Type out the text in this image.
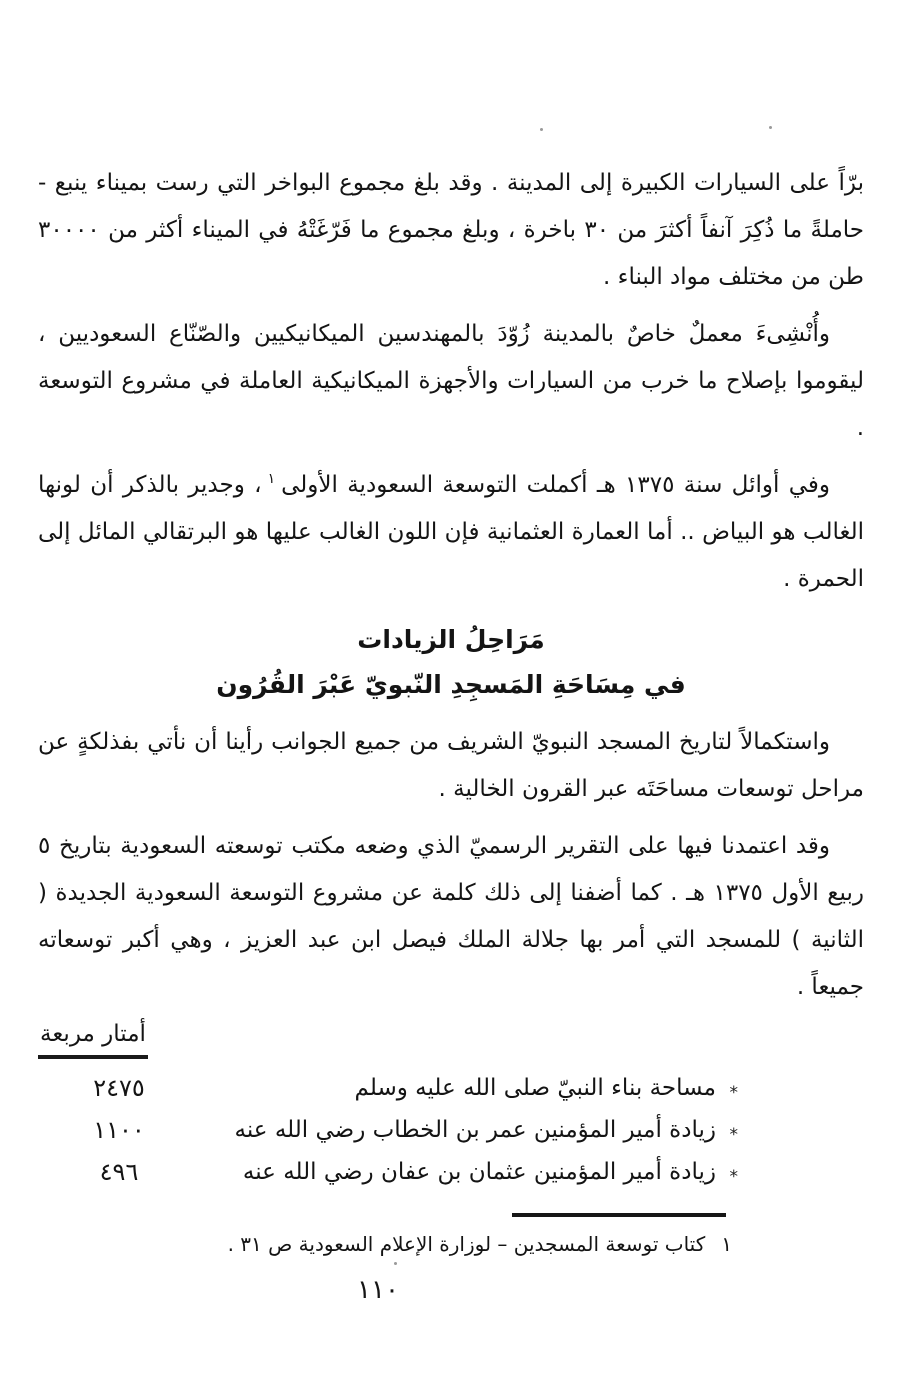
برّاً على السيارات الكبيرة إلى المدينة . وقد بلغ مجموع البواخر التي رست بميناء ينبع - حاملةً ما ذُكِرَ آنفاً أكثرَ من ٣٠ باخرة ، وبلغ مجموع ما فَرّغَتْهُ في الميناء أكثر من ٣٠٠٠٠ طن من مختلف مواد البناء .

وأُنْشِىءَ معملٌ خاصٌ بالمدينة زُوّدَ بالمهندسين الميكانيكيين والصّنّاع السعوديين ، ليقوموا بإصلاح ما خرب من السيارات والأجهزة الميكانيكية العاملة في مشروع التوسعة .

وفي أوائل سنة ١٣٧٥ هـ أكملت التوسعة السعودية الأولى$^١$، وجدير بالذكر أن لونها الغالب هو البياض .. أما العمارة العثمانية فإن اللون الغالب عليها هو البرتقالي المائل إلى الحمرة .

مَرَاحِلُ الزيادات
في مِسَاحَةِ المَسجِدِ النّبويّ عَبْرَ القُرُون

واستكمالاً لتاريخ المسجد النبويّ الشريف من جميع الجوانب رأينا أن نأتي بفذلكةٍ عن مراحل توسعات مساحَتَه عبر القرون الخالية .

وقد اعتمدنا فيها على التقرير الرسميّ الذي وضعه مكتب توسعته السعودية بتاريخ ٥ ربيع الأول ١٣٧٥ هـ . كما أضفنا إلى ذلك كلمة عن مشروع التوسعة السعودية الجديدة ( الثانية ) للمسجد التي أمر بها جلالة الملك فيصل ابن عبد العزيز ، وهي أكبر توسعاته جميعاً .

أمتار مربعة
*
مساحة بناء النبيّ صلى الله عليه وسلم
٢٤٧٥
*
زيادة أمير المؤمنين عمر بن الخطاب رضي الله عنه
١١٠٠
*
زيادة أمير المؤمنين عثمان بن عفان رضي الله عنه
٤٩٦
١كتاب توسعة المسجدين – لوزارة الإعلام السعودية ص ٣١ .
١١٠
